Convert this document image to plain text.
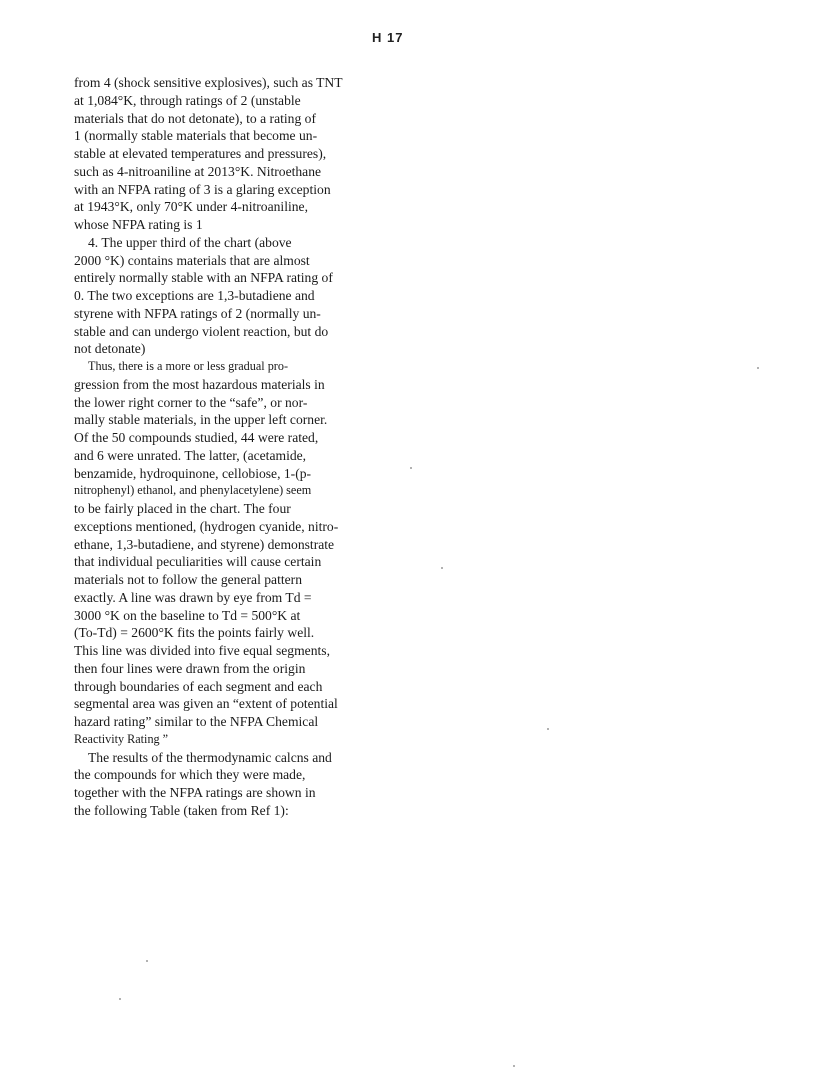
H 17
from 4 (shock sensitive explosives), such as TNT
at 1,084°K, through ratings of 2 (unstable
materials that do not detonate), to a rating of
1 (normally stable materials that become un-
stable at elevated temperatures and pressures),
such as 4-nitroaniline at 2013°K. Nitroethane
with an NFPA rating of 3 is a glaring exception
at 1943°K, only 70°K under 4-nitroaniline,
whose NFPA rating is 1
4. The upper third of the chart (above
2000 °K) contains materials that are almost
entirely normally stable with an NFPA rating of
0. The two exceptions are 1,3-butadiene and
styrene with NFPA ratings of 2 (normally un-
stable and can undergo violent reaction, but do
not detonate)
Thus, there is a more or less gradual pro-
gression from the most hazardous materials in
the lower right corner to the “safe”, or nor-
mally stable materials, in the upper left corner.
Of the 50 compounds studied, 44 were rated,
and 6 were unrated. The latter, (acetamide,
benzamide, hydroquinone, cellobiose, 1-(p-
nitrophenyl) ethanol, and phenylacetylene) seem
to be fairly placed in the chart. The four
exceptions mentioned, (hydrogen cyanide, nitro-
ethane, 1,3-butadiene, and styrene) demonstrate
that individual peculiarities will cause certain
materials not to follow the general pattern
exactly. A line was drawn by eye from Td =
3000 °K on the baseline to Td = 500°K at
(To-Td) = 2600°K fits the points fairly well.
This line was divided into five equal segments,
then four lines were drawn from the origin
through boundaries of each segment and each
segmental area was given an “extent of potential
hazard rating” similar to the NFPA Chemical
Reactivity Rating ”
The results of the thermodynamic calcns and
the compounds for which they were made,
together with the NFPA ratings are shown in
the following Table (taken from Ref 1):
